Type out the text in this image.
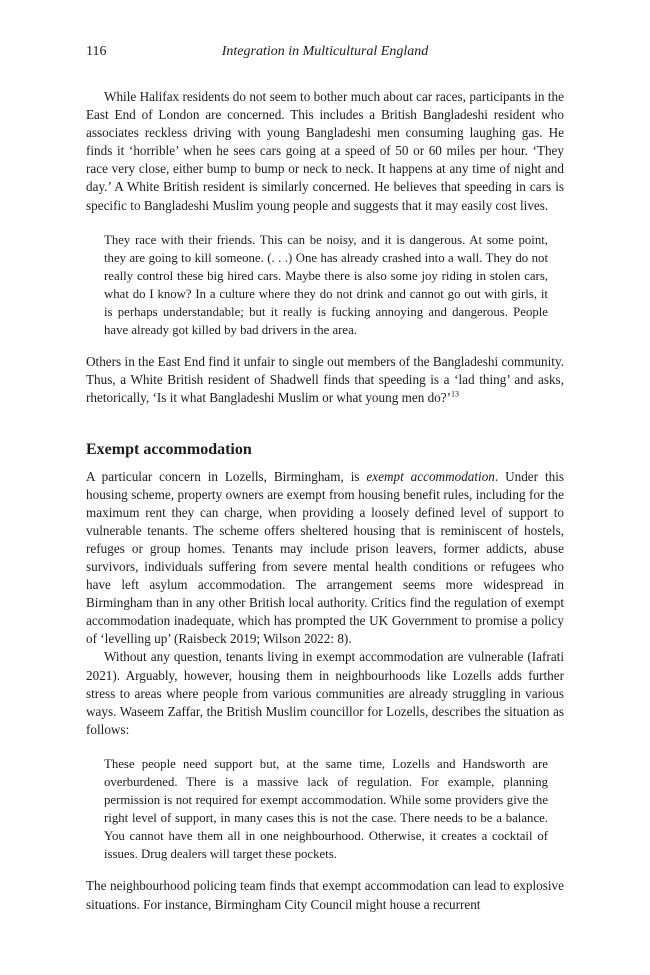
116	Integration in Multicultural England

While Halifax residents do not seem to bother much about car races, participants in the East End of London are concerned. This includes a British Bangladeshi resident who associates reckless driving with young Bangladeshi men consuming laughing gas. He finds it ‘horrible’ when he sees cars going at a speed of 50 or 60 miles per hour. ‘They race very close, either bump to bump or neck to neck. It happens at any time of night and day.’ A White British resident is similarly concerned. He believes that speeding in cars is specific to Bangladeshi Muslim young people and suggests that it may easily cost lives.

They race with their friends. This can be noisy, and it is dangerous. At some point, they are going to kill someone. (. . .) One has already crashed into a wall. They do not really control these big hired cars. Maybe there is also some joy riding in stolen cars, what do I know? In a culture where they do not drink and cannot go out with girls, it is perhaps understandable; but it really is fucking annoying and dangerous. People have already got killed by bad drivers in the area.

Others in the East End find it unfair to single out members of the Bangladeshi community. Thus, a White British resident of Shadwell finds that speeding is a ‘lad thing’ and asks, rhetorically, ‘Is it what Bangladeshi Muslim or what young men do?’$^{13}$

Exempt accommodation

A particular concern in Lozells, Birmingham, is exempt accommodation. Under this housing scheme, property owners are exempt from housing benefit rules, including for the maximum rent they can charge, when providing a loosely defined level of support to vulnerable tenants. The scheme offers sheltered housing that is reminiscent of hostels, refuges or group homes. Tenants may include prison leavers, former addicts, abuse survivors, individuals suffering from severe mental health conditions or refugees who have left asylum accommodation. The arrangement seems more widespread in Birmingham than in any other British local authority. Critics find the regulation of exempt accommodation inadequate, which has prompted the UK Government to promise a policy of ‘levelling up’ (Raisbeck 2019; Wilson 2022: 8).

Without any question, tenants living in exempt accommodation are vulnerable (Iafrati 2021). Arguably, however, housing them in neighbourhoods like Lozells adds further stress to areas where people from various communities are already struggling in various ways. Waseem Zaffar, the British Muslim councillor for Lozells, describes the situation as follows:

These people need support but, at the same time, Lozells and Handsworth are overburdened. There is a massive lack of regulation. For example, planning permission is not required for exempt accommodation. While some providers give the right level of support, in many cases this is not the case. There needs to be a balance. You cannot have them all in one neighbourhood. Otherwise, it creates a cocktail of issues. Drug dealers will target these pockets.

The neighbourhood policing team finds that exempt accommodation can lead to explosive situations. For instance, Birmingham City Council might house a recurrent
